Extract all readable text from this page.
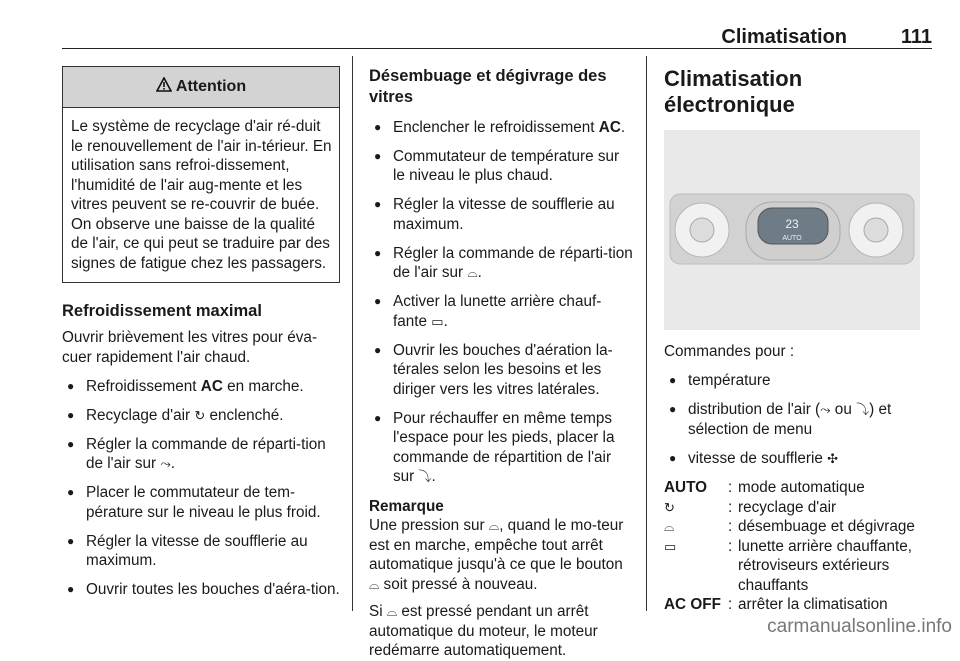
Climatisation	111
Attention
Le système de recyclage d'air ré-duit le renouvellement de l'air in-térieur. En utilisation sans refroi-dissement, l'humidité de l'air aug-mente et les vitres peuvent se re-couvrir de buée. On observe une baisse de la qualité de l'air, ce qui peut se traduire par des signes de fatigue chez les passagers.
Refroidissement maximal

Ouvrir brièvement les vitres pour éva-cuer rapidement l'air chaud.

● Refroidissement AC en marche.
● Recyclage d'air ↻ enclenché.
● Régler la commande de réparti-tion de l'air sur ⤳.
● Placer le commutateur de tem-pérature sur le niveau le plus froid.
● Régler la vitesse de soufflerie au maximum.
● Ouvrir toutes les bouches d'aéra-tion.
Désembuage et dégivrage des vitres
● Enclencher le refroidissement AC.
● Commutateur de température sur le niveau le plus chaud.
● Régler la vitesse de soufflerie au maximum.
● Régler la commande de réparti-tion de l'air sur ⌓.
● Activer la lunette arrière chauf-fante ▭.
● Ouvrir les bouches d'aération la-térales selon les besoins et les diriger vers les vitres latérales.
● Pour réchauffer en même temps l'espace pour les pieds, placer la commande de répartition de l'air sur ⤵.

Remarque

Une pression sur ⌓, quand le mo-teur est en marche, empêche tout arrêt automatique jusqu'à ce que le bouton ⌓ soit pressé à nouveau.

Si ⌓ est pressé pendant un arrêt automatique du moteur, le moteur redémarre automatiquement.

Climatisation électronique
23
AUTO

Commandes pour :

● température
● distribution de l'air (⤳ ou ⤵) et sélection de menu
● vitesse de soufflerie ✣
AUTO	: mode automatique
↻	: recyclage d'air
⌓	: désembuage et dégivrage
▭	: lunette arrière chauffante, rétroviseurs extérieurs chauffants
AC OFF : arrêter la climatisation
carmanualsonline.info
